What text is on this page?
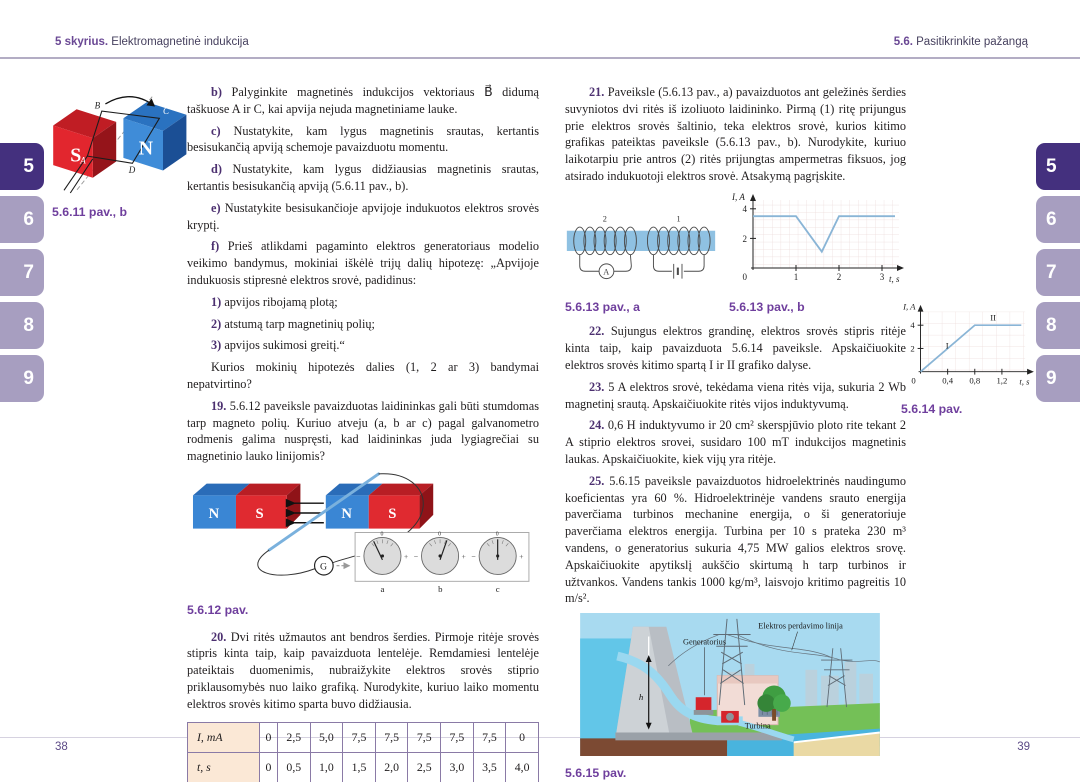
5 skyrius. Elektromagnetinė indukcija	5.6. Pasitikrinkite pažangą
5
6
7
8
9
5
6
7
8
9
S	N
B
C
A
D
5.6.11 pav., b

b) Palyginkite magnetinės indukcijos vektoriaus B⃗ didumą taškuose A ir C, kai apvija nejuda magnetiniame lauke.

c) Nustatykite, kam lygus magnetinis srautas, kertantis besisukančią apviją schemoje pavaizduotu momentu.

d) Nustatykite, kam lygus didžiausias magnetinis srautas, kertantis besisukančią apviją (5.6.11 pav., b).

e) Nustatykite besisukančioje apvijoje indukuotos elektros srovės kryptį.

f) Prieš atlikdami pagaminto elektros generatoriaus modelio veikimo bandymus, mokiniai iškėlė trijų dalių hipotezę: „Apvijoje indukuosis stipresnė elektros srovė, padidinus:

1) apvijos ribojamą plotą;

2) atstumą tarp magnetinių polių;

3) apvijos sukimosi greitį.“

Kurios mokinių hipotezės dalies (1, 2 ar 3) bandymai nepatvirtino?

19. 5.6.12 paveiksle pavaizduotas laidininkas gali būti stumdomas tarp magneto polių. Kuriuo atveju (a, b ar c) pagal galvanometro rodmenis galima nuspręsti, kad laidininkas juda lygiagrečiai su magnetinio lauko linijomis?

N S	N S
G
−	+
0
−	+
0
−	+
0
a	b	c
5.6.12 pav.

20. Dvi ritės užmautos ant bendros šerdies. Pirmoje ritėje srovės stipris kinta taip, kaip pavaizduota lentelėje. Remdamiesi lentelėje pateiktais duomenimis, nubraižykite elektros srovės stiprio priklausomybės nuo laiko grafiką. Nurodykite, kuriuo laiko momentu elektros srovės kitimo sparta buvo didžiausia.

I, mA	0	2,5	5,0	7,5	7,5	7,5	7,5	7,5	0
t, s	0	0,5	1,0	1,5	2,0	2,5	3,0	3,5	4,0

21. Paveiksle (5.6.13 pav., a) pavaizduotos ant geležinės šerdies suvyniotos dvi ritės iš izoliuoto laidininko. Pirmą (1) ritę prijungus prie elektros srovės šaltinio, teka elektros srovė, kurios kitimo grafikas pateiktas paveiksle (5.6.13 pav., b). Nurodykite, kuriuo laikotarpiu prie antros (2) ritės prijungtas ampermetras fiksuos, jog atsirado indukuotoji elektros srovė. Atsakymą pagrįskite.

2	1
A
5.6.13 pav., a
4
2
0	1	2	3
I, A
t, s
5.6.13 pav., b

22. Sujungus elektros grandinę, elektros srovės stipris ritėje kinta taip, kaip pavaizduota 5.6.14 paveiksle. Apskaičiuokite elektros srovės kitimo spartą I ir II grafiko dalyse.

23. 5 A elektros srovė, tekėdama viena ritės vija, sukuria 2 Wb magnetinį srautą. Apskaičiuokite ritės vijos induktyvumą.

24. 0,6 H induktyvumo ir 20 cm² skerspjūvio ploto rite tekant 2 A stiprio elektros srovei, susidaro 100 mT indukcijos magnetinis laukas. Apskaičiuokite, kiek vijų yra ritėje.

25. 5.6.15 paveiksle pavaizduotos hidroelektrinės naudingumo koeficientas yra 60 %. Hidroelektrinėje vandens srauto energija paverčiama turbinos mechanine energija, o ši generatoriuje paverčiama elektros energija. Turbina per 10 s prateka 230 m³ vandens, o generatorius sukuria 4,75 MW galios elektros srovę. Apskaičiuokite apytikslį aukščio skirtumą h tarp turbinos ir užtvankos. Vandens tankis 1000 kg/m³, laisvojo kritimo pagreitis 10 m/s².

h
Elektros perdavimo linija
Generatorius
Turbina
5.6.15 pav.
4
2
0	0,4 0,8 1,2
I, A
t, s
I
II
5.6.14 pav.
38	39
